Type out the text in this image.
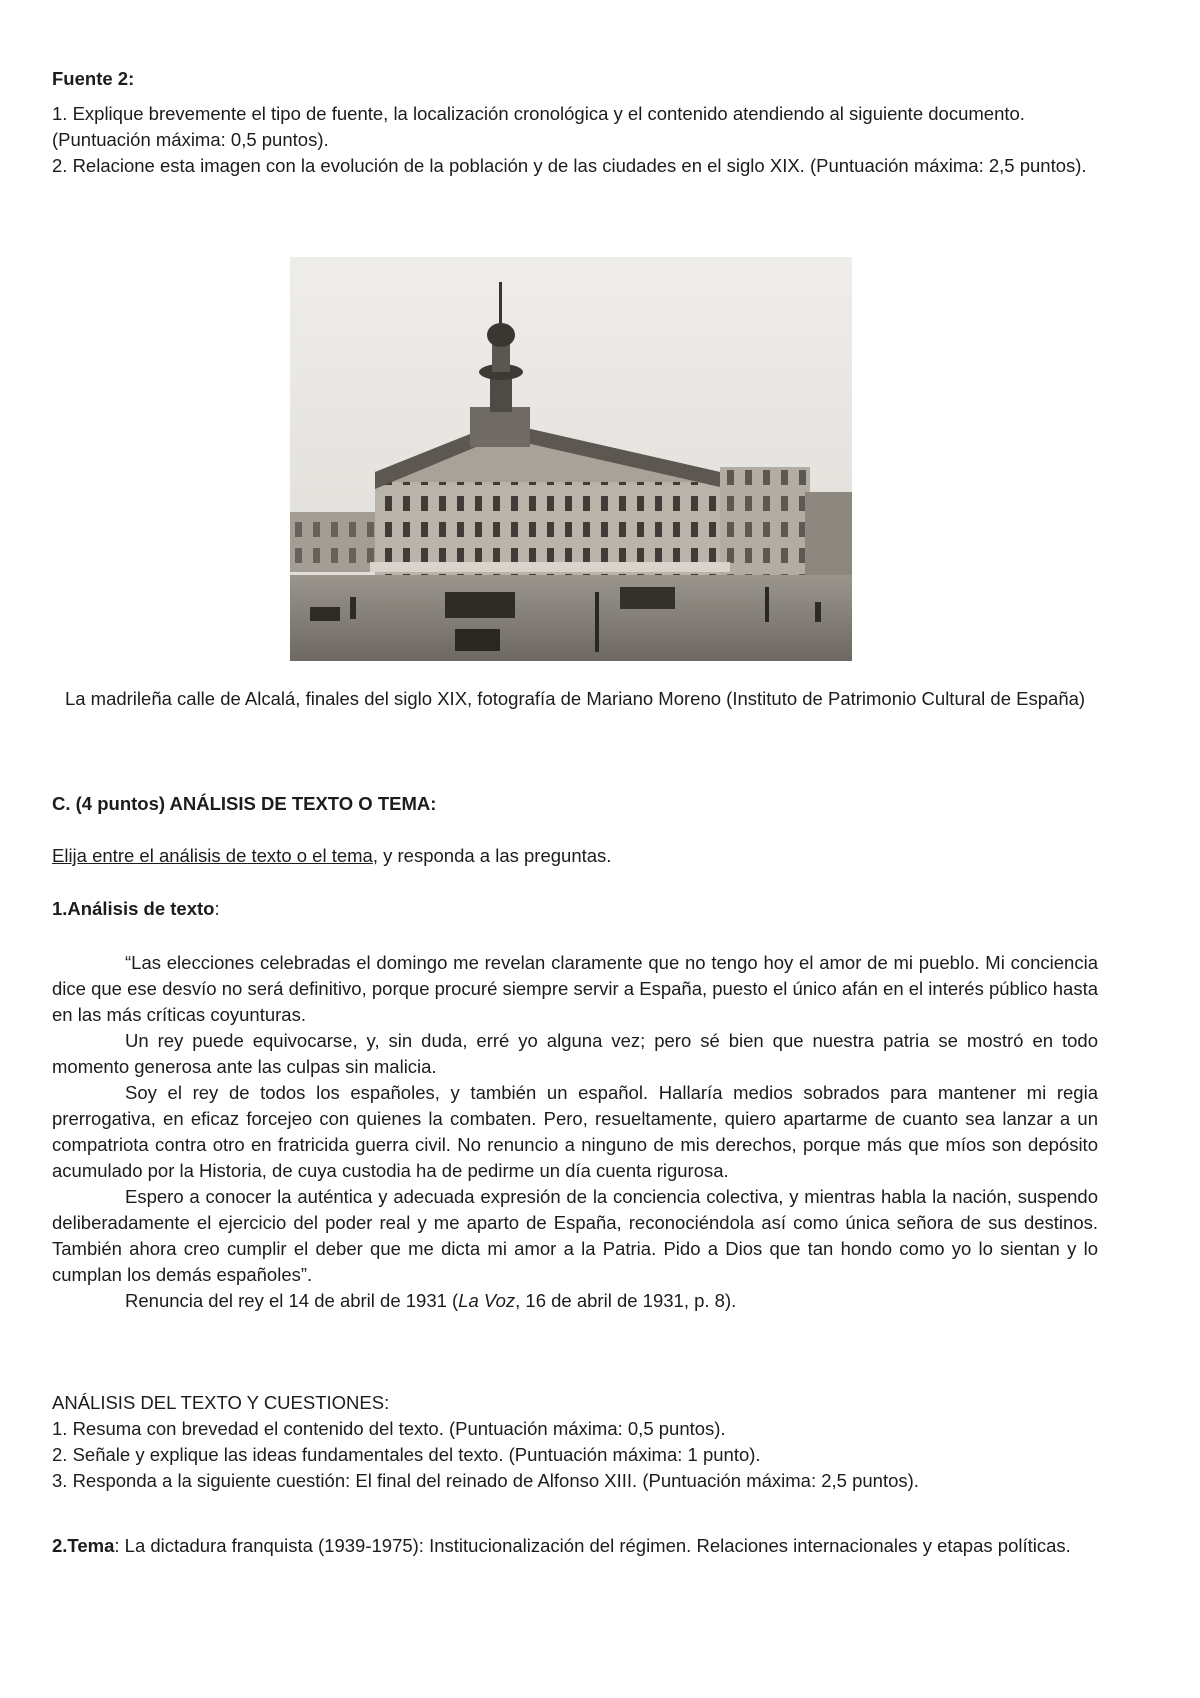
Fuente 2:

1. Explique brevemente el tipo de fuente, la localización cronológica y el contenido atendiendo al siguiente documento. (Puntuación máxima: 0,5 puntos).

2. Relacione esta imagen con la evolución de la población y de las ciudades en el siglo XIX. (Puntuación máxima: 2,5 puntos).

La madrileña calle de Alcalá, finales del siglo XIX, fotografía de Mariano Moreno (Instituto de Patrimonio Cultural de España)

C. (4 puntos) ANÁLISIS DE TEXTO O TEMA:

Elija entre el análisis de texto o el tema, y responda a las preguntas.

1.Análisis de texto:

“Las elecciones celebradas el domingo me revelan claramente que no tengo hoy el amor de mi pueblo. Mi conciencia dice que ese desvío no será definitivo, porque procuré siempre servir a España, puesto el único afán en el interés público hasta en las más críticas coyunturas.

Un rey puede equivocarse, y, sin duda, erré yo alguna vez; pero sé bien que nuestra patria se mostró en todo momento generosa ante las culpas sin malicia.

Soy el rey de todos los españoles, y también un español. Hallaría medios sobrados para mantener mi regia prerrogativa, en eficaz forcejeo con quienes la combaten. Pero, resueltamente, quiero apartarme de cuanto sea lanzar a un compatriota contra otro en fratricida guerra civil. No renuncio a ninguno de mis derechos, porque más que míos son depósito acumulado por la Historia, de cuya custodia ha de pedirme un día cuenta rigurosa.

Espero a conocer la auténtica y adecuada expresión de la conciencia colectiva, y mientras habla la nación, suspendo deliberadamente el ejercicio del poder real y me aparto de España, reconociéndola así como única señora de sus destinos. También ahora creo cumplir el deber que me dicta mi amor a la Patria. Pido a Dios que tan hondo como yo lo sientan y lo cumplan los demás españoles”.

Renuncia del rey el 14 de abril de 1931 (La Voz, 16 de abril de 1931, p. 8).

ANÁLISIS DEL TEXTO Y CUESTIONES:

1. Resuma con brevedad el contenido del texto. (Puntuación máxima: 0,5 puntos).

2. Señale y explique las ideas fundamentales del texto. (Puntuación máxima: 1 punto).

3. Responda a la siguiente cuestión: El final del reinado de Alfonso XIII. (Puntuación máxima: 2,5 puntos).

2.Tema: La dictadura franquista (1939-1975): Institucionalización del régimen. Relaciones internacionales y etapas políticas.
